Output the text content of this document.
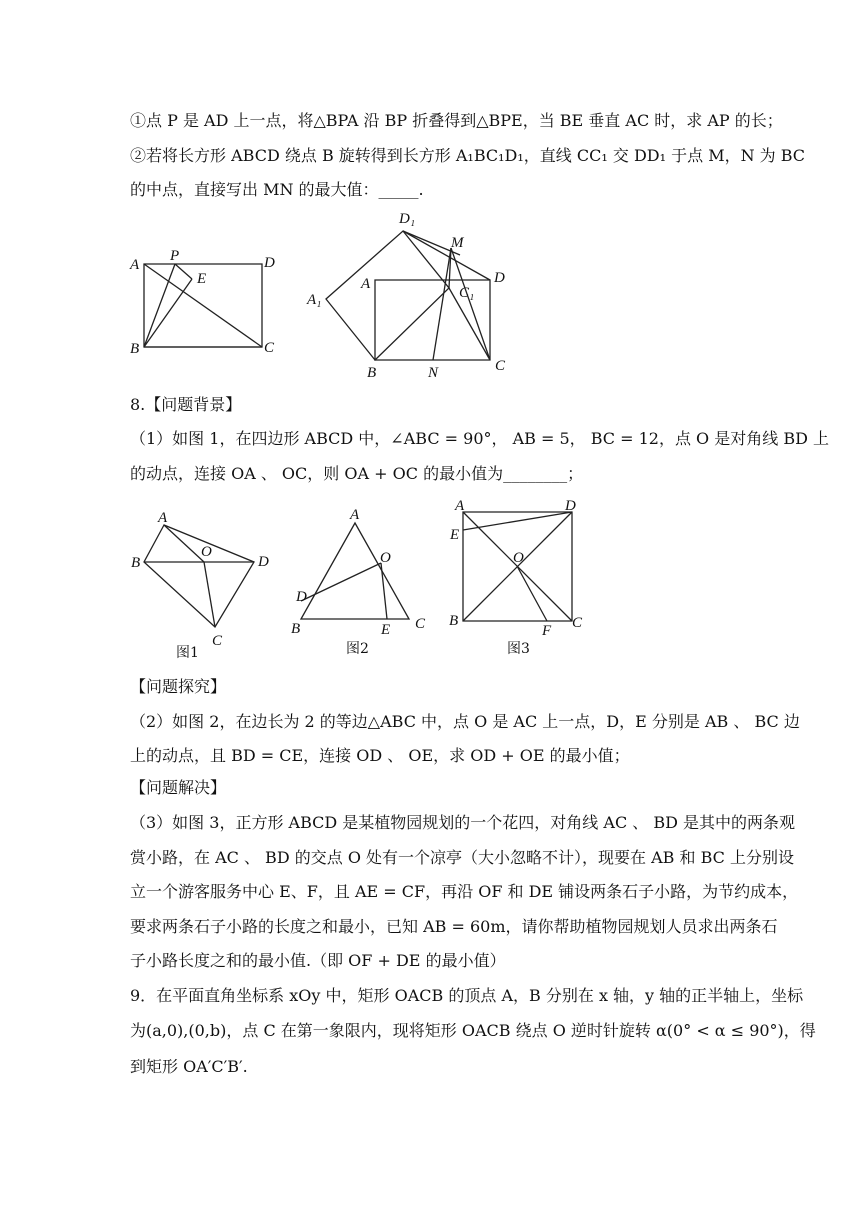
①点 P 是 AD 上一点，将△BPA 沿 BP 折叠得到△BPE，当 BE 垂直 AC 时，求 AP 的长；
②若将长方形 ABCD 绕点 B 旋转得到长方形 A₁BC₁D₁，直线 CC₁ 交 DD₁ 于点 M，N 为 BC
的中点，直接写出 MN 的最大值：_____.
A
P
E
D
B	C
D₁
M
A	D
C₁
A₁
B	N	C
8.【问题背景】
（1）如图 1，在四边形 ABCD 中，∠ABC = 90°， AB = 5， BC = 12，点 O 是对角线 BD 上
的动点，连接 OA 、 OC，则 OA + OC 的最小值为________；
A
B
O
D
C
图1
A
O
D
B	E C
图2
A	D
E
O
B
F C
图3
【问题探究】
（2）如图 2，在边长为 2 的等边△ABC 中，点 O 是 AC 上一点，D，E 分别是 AB 、 BC 边
上的动点，且 BD = CE，连接 OD 、 OE，求 OD + OE 的最小值；
【问题解决】
（3）如图 3，正方形 ABCD 是某植物园规划的一个花四，对角线 AC 、 BD 是其中的两条观
赏小路，在 AC 、 BD 的交点 O 处有一个凉亭（大小忽略不计），现要在 AB 和 BC 上分别设
立一个游客服务中心 E、F，且 AE = CF，再沿 OF 和 DE 铺设两条石子小路，为节约成本，
要求两条石子小路的长度之和最小，已知 AB = 60m，请你帮助植物园规划人员求出两条石
子小路长度之和的最小值.（即 OF + DE 的最小值）
9．在平面直角坐标系 xOy 中，矩形 OACB 的顶点 A，B 分别在 x 轴，y 轴的正半轴上，坐标
为(a,0),(0,b)，点 C 在第一象限内，现将矩形 OACB 绕点 O 逆时针旋转 α(0° < α ≤ 90°)，得
到矩形 OA′C′B′.
